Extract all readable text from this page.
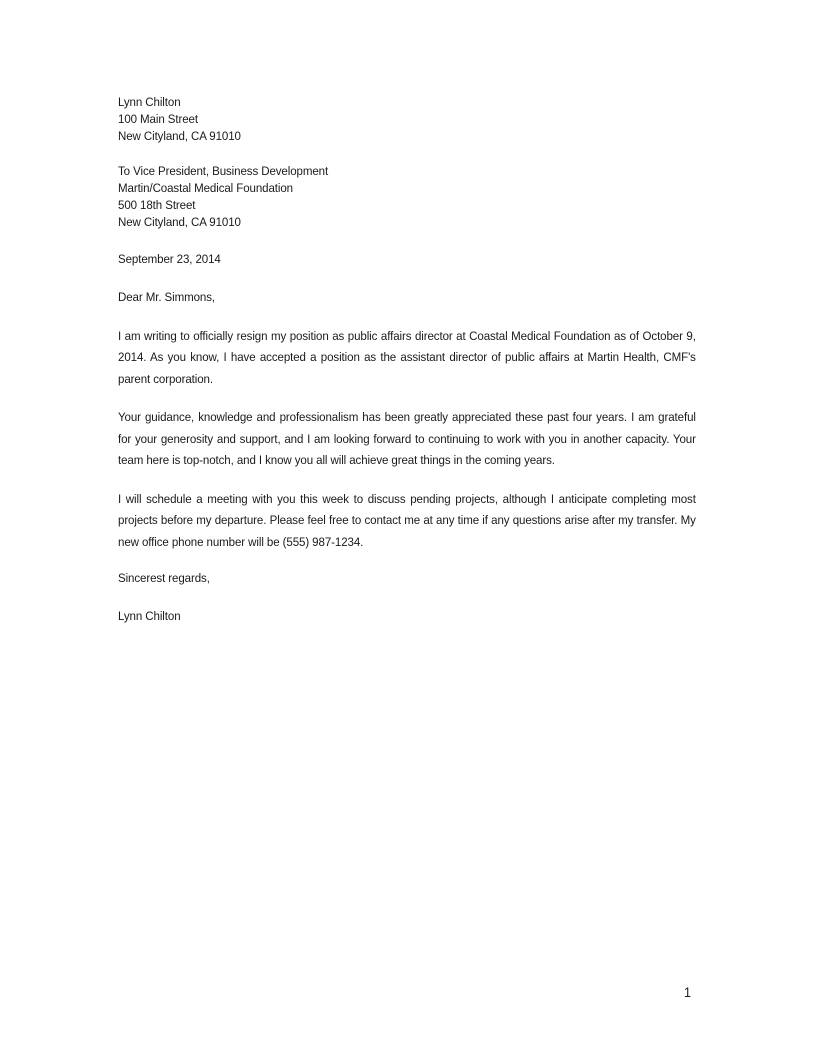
Lynn Chilton
100 Main Street
New Cityland, CA 91010
To Vice President, Business Development
Martin/Coastal Medical Foundation
500 18th Street
New Cityland, CA 91010
September 23, 2014
Dear Mr. Simmons,

I am writing to officially resign my position as public affairs director at Coastal Medical Foundation as of October 9, 2014. As you know, I have accepted a position as the assistant director of public affairs at Martin Health, CMF's parent corporation.

Your guidance, knowledge and professionalism has been greatly appreciated these past four years. I am grateful for your generosity and support, and I am looking forward to continuing to work with you in another capacity. Your team here is top-notch, and I know you all will achieve great things in the coming years.

I will schedule a meeting with you this week to discuss pending projects, although I anticipate completing most projects before my departure. Please feel free to contact me at any time if any questions arise after my transfer. My new office phone number will be (555) 987-1234.

Sincerest regards,
Lynn Chilton
1
